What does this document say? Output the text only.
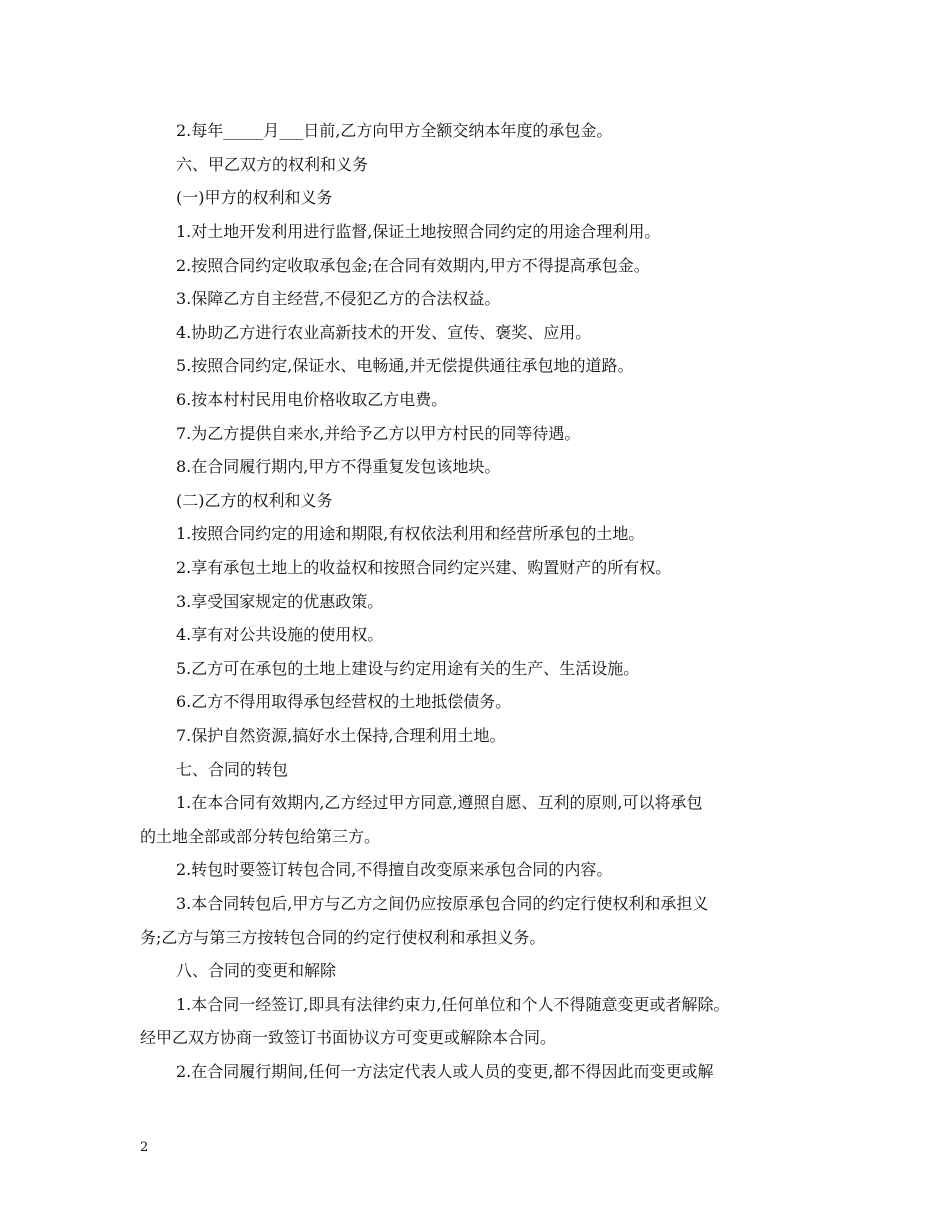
2.每年_____月___日前,乙方向甲方全额交纳本年度的承包金。
六、甲乙双方的权利和义务
(一)甲方的权利和义务
1.对土地开发利用进行监督,保证土地按照合同约定的用途合理利用。
2.按照合同约定收取承包金;在合同有效期内,甲方不得提高承包金。
3.保障乙方自主经营,不侵犯乙方的合法权益。
4.协助乙方进行农业高新技术的开发、宣传、褒奖、应用。
5.按照合同约定,保证水、电畅通,并无偿提供通往承包地的道路。
6.按本村村民用电价格收取乙方电费。
7.为乙方提供自来水,并给予乙方以甲方村民的同等待遇。
8.在合同履行期内,甲方不得重复发包该地块。
(二)乙方的权利和义务
1.按照合同约定的用途和期限,有权依法利用和经营所承包的土地。
2.享有承包土地上的收益权和按照合同约定兴建、购置财产的所有权。
3.享受国家规定的优惠政策。
4.享有对公共设施的使用权。
5.乙方可在承包的土地上建设与约定用途有关的生产、生活设施。
6.乙方不得用取得承包经营权的土地抵偿债务。
7.保护自然资源,搞好水土保持,合理利用土地。
七、合同的转包
1.在本合同有效期内,乙方经过甲方同意,遵照自愿、互利的原则,可以将承包
的土地全部或部分转包给第三方。
2.转包时要签订转包合同,不得擅自改变原来承包合同的内容。
3.本合同转包后,甲方与乙方之间仍应按原承包合同的约定行使权利和承担义
务;乙方与第三方按转包合同的约定行使权利和承担义务。
八、合同的变更和解除
1.本合同一经签订,即具有法律约束力,任何单位和个人不得随意变更或者解除。
经甲乙双方协商一致签订书面协议方可变更或解除本合同。
2.在合同履行期间,任何一方法定代表人或人员的变更,都不得因此而变更或解
2
